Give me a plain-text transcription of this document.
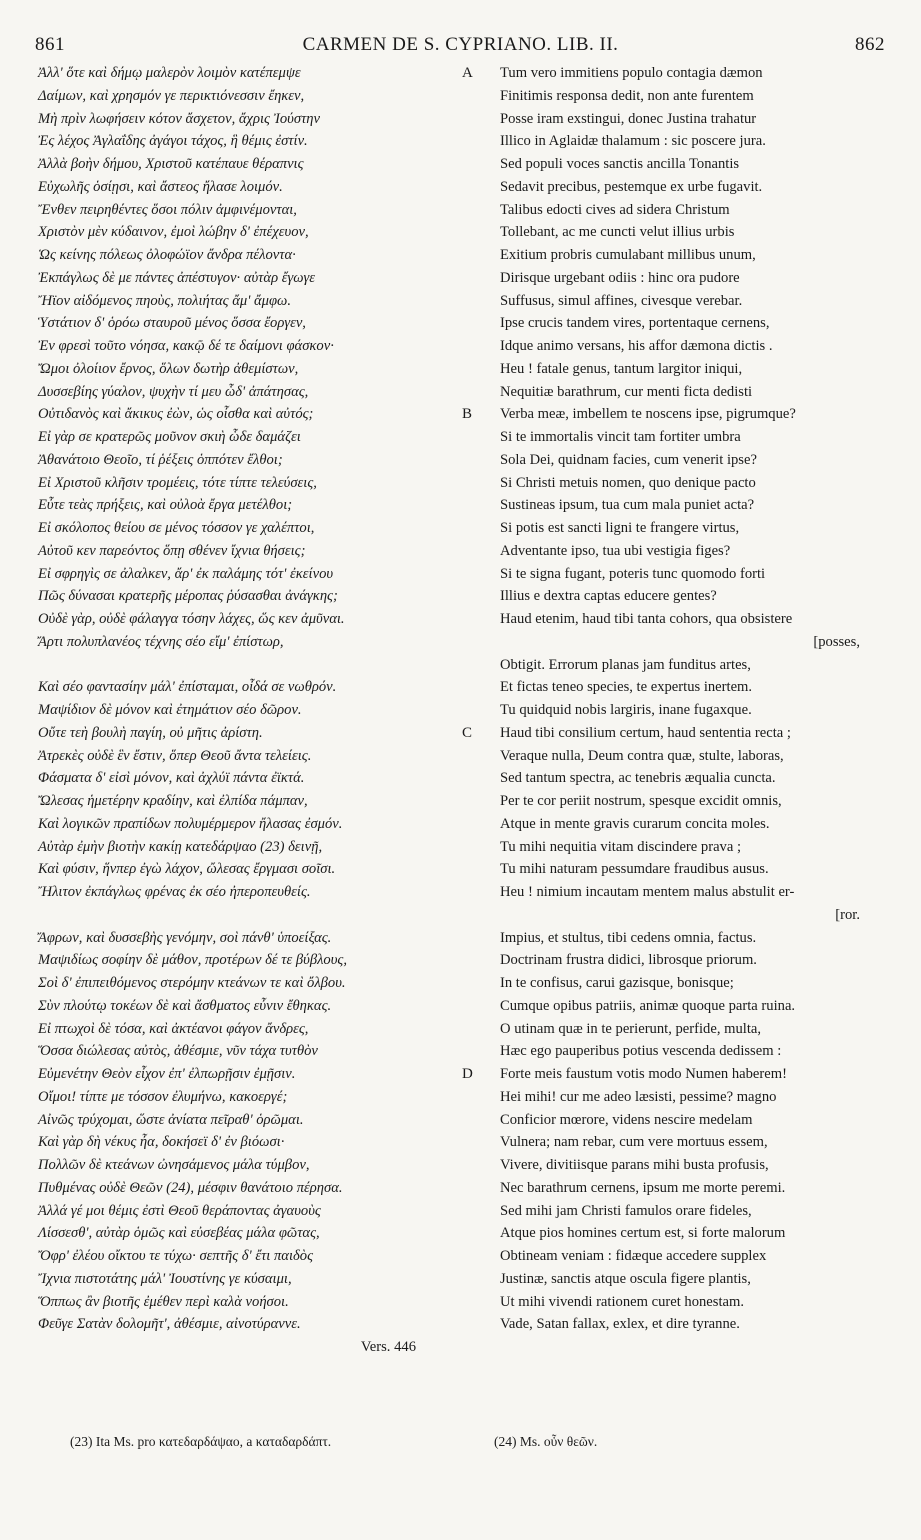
861	CARMEN DE S. CYPRIANO. LIB. II.	862
Ἀλλ' ὅτε καὶ δήμῳ μαλερὸν λοιμὸν κατέπεμψε
Δαίμων, καὶ χρησμόν γε περικτιόνεσσιν ἔηκεν,
Μὴ πρὶν λωφήσειν κότον ἄσχετον, ἄχρις Ἰούστην
Ἐς λέχος Ἀγλαΐδης ἀγάγοι τάχος, ἣ θέμις ἐστίν.
Ἀλλὰ βοὴν δήμου, Χριστοῦ κατέπαυε θέραπνις
Εὐχωλῆς ὁσίῃσι, καὶ ἄστεος ἤλασε λοιμόν.
Ἔνθεν πειρηθέντες ὅσοι πόλιν ἀμφινέμονται,
Χριστὸν μὲν κύδαινον, ἐμοὶ λώβην δ' ἐπέχευον,
Ὡς κείνης πόλεως ὀλοφώϊον ἄνδρα πέλοντα·
Ἐκπάγλως δὲ με πάντες ἀπέστυγον· αὐτὰρ ἔγωγε
Ἤϊον αἰδόμενος πηοὺς, πολιήτας ἄμ' ἄμφω.
Ὑστάτιον δ' ὁρόω σταυροῦ μένος ὅσσα ἔοργεν,
Ἐν φρεσὶ τοῦτο νόησα, κακῷ δέ τε δαίμονι φάσκον·
Ὤμοι ὀλοίιον ἔρνος, ὅλων δωτὴρ ἀθεμίστων,
Δυσσεβίης γύαλον, ψυχὴν τί μευ ὧδ' ἀπάτησας,
Οὐτιδανὸς καὶ ἄκικυς ἐὼν, ὡς οἶσθα καὶ αὐτός;
Εἰ γὰρ σε κρατερῶς μοῦνον σκιὴ ὧδε δαμάζει
Ἀθανάτοιο Θεοῖο, τί ῥέξεις ὁππότεν ἔλθοι;
Εἰ Χριστοῦ κλῆσιν τρομέεις, τότε τίπτε τελεύσεις,
Εὖτε τεὰς πρήξεις, καὶ οὐλοὰ ἔργα μετέλθοι;
Εἰ σκόλοπος θείου σε μένος τόσσον γε χαλέπτοι,
Αὐτοῦ κεν παρεόντος ὅπῃ σθένεν ἴχνια θήσεις;
Εἰ σφρηγὶς σε ἀλαλκεν, ἄρ' ἐκ παλάμης τότ' ἐκείνου
Πῶς δύνασαι κρατερῆς μέροπας ῥύσασθαι ἀνάγκης;
Οὐδὲ γὰρ, οὐδὲ φάλαγγα τόσην λάχες, ὥς κεν ἀμῦναι.
Ἄρτι πολυπλανέος τέχνης σέο εἴμ' ἐπίστωρ,
Καὶ σέο φαντασίην μάλ' ἐπίσταμαι, οἶδά σε νωθρόν.
Μαψίδιον δὲ μόνον καὶ ἐτημάτιον σέο δῶρον.
Οὔτε τεὴ βουλὴ παγίη, οὐ μῆτις ἀρίστη.
Ἀτρεκὲς οὐδὲ ἓν ἔστιν, ὅπερ Θεοῦ ἄντα τελείεις.
Φάσματα δ' εἰσὶ μόνον, καὶ ἀχλύϊ πάντα ἐϊκτά.
Ὤλεσας ἡμετέρην κραδίην, καὶ ἐλπίδα πάμπαν,
Καὶ λογικῶν πραπίδων πολυμέρμερον ἤλασας ἐσμόν.
Αὐτὰρ ἐμὴν βιοτὴν κακίῃ κατεδάρψαο (23) δεινῇ,
Καὶ φύσιν, ἥνπερ ἐγὼ λάχον, ὤλεσας ἔργμασι σοῖσι.
Ἤλιτον ἐκπάγλως φρένας ἐκ σέο ἠπεροπευθείς.
Ἄφρων, καὶ δυσσεβὴς γενόμην, σοὶ πάνθ' ὑποείξας.
Μαψιδίως σοφίην δὲ μάθον, προτέρων δέ τε βύβλους,
Σοὶ δ' ἐπιπειθόμενος στερόμην κτεάνων τε καὶ ὄλβου.
Σὺν πλούτῳ τοκέων δὲ καὶ ἄσθματος εὖνιν ἔθηκας.
Εἰ πτωχοὶ δὲ τόσα, καὶ ἀκτέανοι φάγον ἄνδρες,
Ὅσσα διώλεσας αὐτὸς, ἀθέσμιε, νῦν τάχα τυτθὸν
Εὐμενέτην Θεὸν εἶχον ἐπ' ἐλπωρῇσιν ἐμῇσιν.
Οἴμοι! τίπτε με τόσσον ἐλυμήνω, κακοεργέ;
Αἰνῶς τρύχομαι, ὥστε ἀνίατα πεῖραθ' ὁρῶμαι.
Καὶ γὰρ δὴ νέκυς ἦα, δοκήσεϊ δ' ἐν βιόωσι·
Πολλῶν δὲ κτεάνων ὠνησάμενος μάλα τύμβον,
Πυθμένας οὐδὲ Θεῶν (24), μέσφιν θανάτοιο πέρησα.
Ἀλλά γέ μοι θέμις ἐστὶ Θεοῦ θεράποντας ἀγαυοὺς
Λίσσεσθ', αὐτὰρ ὁμῶς καὶ εὐσεβέας μάλα φῶτας,
Ὄφρ' ἐλέου οἴκτου τε τύχω· σεπτῆς δ' ἔτι παιδὸς
Ἴχνια πιστοτάτης μάλ' Ἰουστίνης γε κύσαιμι,
Ὅππως ἂν βιοτῆς ἐμέθεν περὶ καλὰ νοήσοι.
Φεῦγε Σατὰν δολομῆτ', ἀθέσμιε, αἰνοτύραννε.
Vers. 446
A Tum vero immitiens populo contagia dæmon
Finitimis responsa dedit, non ante furentem
Posse iram exstingui, donec Justina trahatur
Illico in Aglaidæ thalamum : sic poscere jura.
Sed populi voces sanctis ancilla Tonantis
Sedavit precibus, pestemque ex urbe fugavit.
Talibus edocti cives ad sidera Christum
Tollebant, ac me cuncti velut illius urbis
Exitium probris cumulabant millibus unum,
Dirisque urgebant odiis : hinc ora pudore
Suffusus, simul affines, civesque verebar.
Ipse crucis tandem vires, portentaque cernens,
Idque animo versans, his affor dæmona dictis .
Heu ! fatale genus, tantum largitor iniqui,
Nequitiæ barathrum, cur menti ficta dedisti
B Verba meæ, imbellem te noscens ipse, pigrumque?
Si te immortalis vincit tam fortiter umbra
Sola Dei, quidnam facies, cum venerit ipse?
Si Christi metuis nomen, quo denique pacto
Sustineas ipsum, tua cum mala puniet acta?
Si potis est sancti ligni te frangere virtus,
Adventante ipso, tua ubi vestigia figes?
Si te signa fugant, poteris tunc quomodo forti
Illius e dextra captas educere gentes?
Haud etenim, haud tibi tanta cohors, qua obsistere
[posses,
Obtigit. Errorum planas jam funditus artes,
Et fictas teneo species, te expertus inertem.
Tu quidquid nobis largiris, inane fugaxque.
C Haud tibi consilium certum, haud sententia recta ;
Veraque nulla, Deum contra quæ, stulte, laboras,
Sed tantum spectra, ac tenebris æqualia cuncta.
Per te cor periit nostrum, spesque excidit omnis,
Atque in mente gravis curarum concita moles.
Tu mihi nequitia vitam discindere prava ;
Tu mihi naturam pessumdare fraudibus ausus.
Heu ! nimium incautam mentem malus abstulit er-
[ror.
Impius, et stultus, tibi cedens omnia, factus.
Doctrinam frustra didici, librosque priorum.
In te confisus, carui gazisque, bonisque;
Cumque opibus patriis, animæ quoque parta ruina.
O utinam quæ in te perierunt, perfide, multa,
Hæc ego pauperibus potius vescenda dedissem :
D Forte meis faustum votis modo Numen haberem!
Hei mihi! cur me adeo læsisti, pessime? magno
Conficior mœrore, videns nescire medelam
Vulnera; nam rebar, cum vere mortuus essem,
Vivere, divitiisque parans mihi busta profusis,
Nec barathrum cernens, ipsum me morte peremi.
Sed mihi jam Christi famulos orare fideles,
Atque pios homines certum est, si forte malorum
Obtineam veniam : fidæque accedere supplex
Justinæ, sanctis atque oscula figere plantis,
Ut mihi vivendi rationem curet honestam.
Vade, Satan fallax, exlex, et dire tyranne.
(23) Ita Ms. pro κατεδαρδάψαο, a καταδαρδάπτ.	(24) Ms. οὖν θεῶν.
